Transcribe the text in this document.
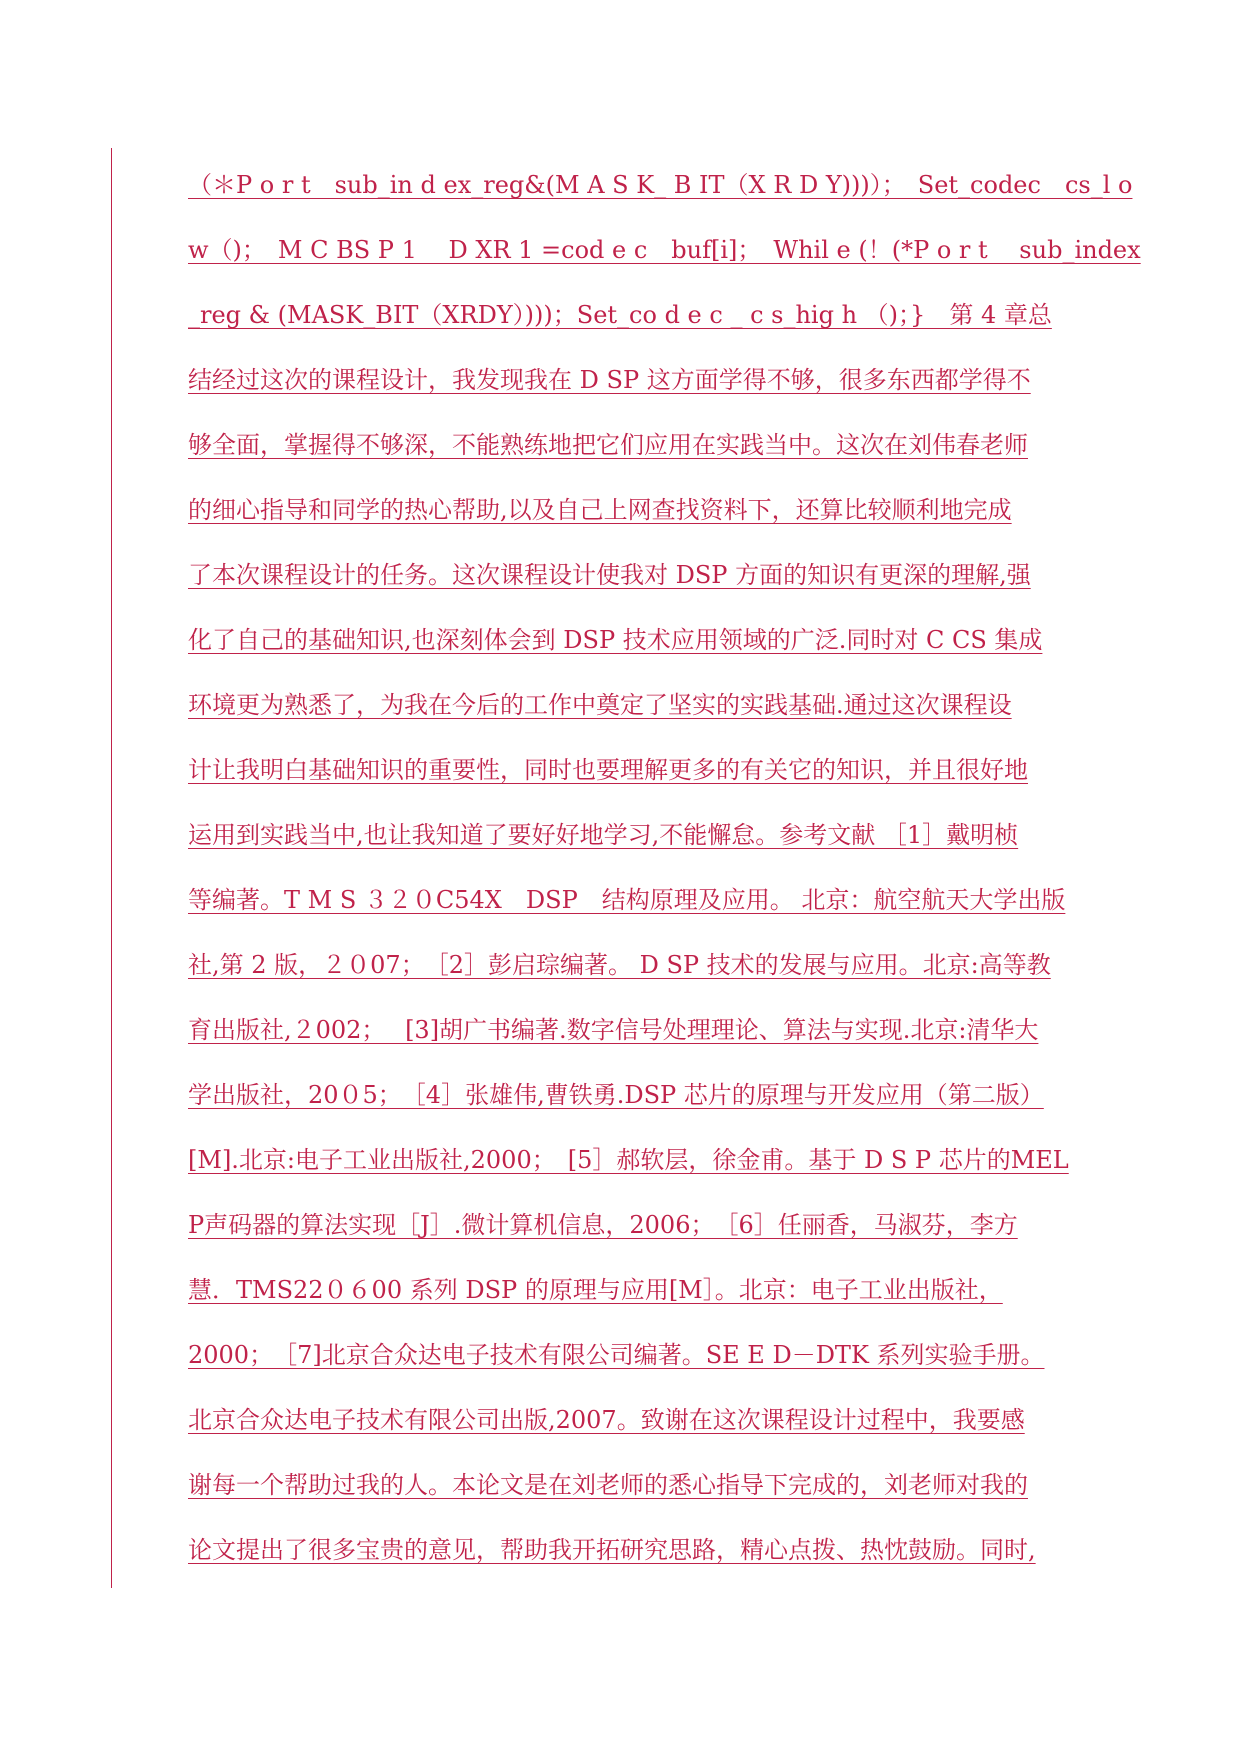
（＊P o r t　sub_in d ex_reg&(M A S K_ B IT（X R D Y)))）；　Set_codec　cs_l o
w（)；　M C BS P 1　 D XR 1 =cod e c　buf[i]；　Whil e (！(*P o r t　 sub_index
_reg & (MASK_BIT（XRDY）)))；Set_co d e c _ c s_hig h （)；}　第 4 章总
结经过这次的课程设计，我发现我在 D SP 这方面学得不够，很多东西都学得不
够全面，掌握得不够深，不能熟练地把它们应用在实践当中。这次在刘伟春老师
的细心指导和同学的热心帮助,以及自己上网查找资料下，还算比较顺利地完成
了本次课程设计的任务。这次课程设计使我对 DSP 方面的知识有更深的理解,强
化了自己的基础知识,也深刻体会到 DSP 技术应用领域的广泛.同时对 C CS 集成
环境更为熟悉了，为我在今后的工作中奠定了坚实的实践基础.通过这次课程设
计让我明白基础知识的重要性，同时也要理解更多的有关它的知识，并且很好地
运用到实践当中,也让我知道了要好好地学习,不能懈怠。参考文献 ［1］戴明桢
等编著。T M S ３２０C54X　DSP　结构原理及应用。 北京：航空航天大学出版
社,第 2 版，２０07；　［2］彭启琮编著。 D SP 技术的发展与应用。北京:高等教
育出版社,２002；　 [3]胡广书编著.数字信号处理理论、算法与实现.北京:清华大
学出版社，20０5；　［4］张雄伟,曹铁勇.DSP 芯片的原理与开发应用（第二版）
[M].北京:电子工业出版社,2000；　[5］郝软层，徐金甫。基于 D S P 芯片的MEL
P声码器的算法实现［J］.微计算机信息，2006；　［6］任丽香，马淑芬，李方
慧．TMS22０６00 系列 DSP 的原理与应用[M］。北京：电子工业出版社，
2000；　［7]北京合众达电子技术有限公司编著。SE E D－DTK 系列实验手册。
北京合众达电子技术有限公司出版,2007。致谢在这次课程设计过程中，我要感
谢每一个帮助过我的人。本论文是在刘老师的悉心指导下完成的，刘老师对我的
论文提出了很多宝贵的意见，帮助我开拓研究思路，精心点拨、热忱鼓励。同时,
